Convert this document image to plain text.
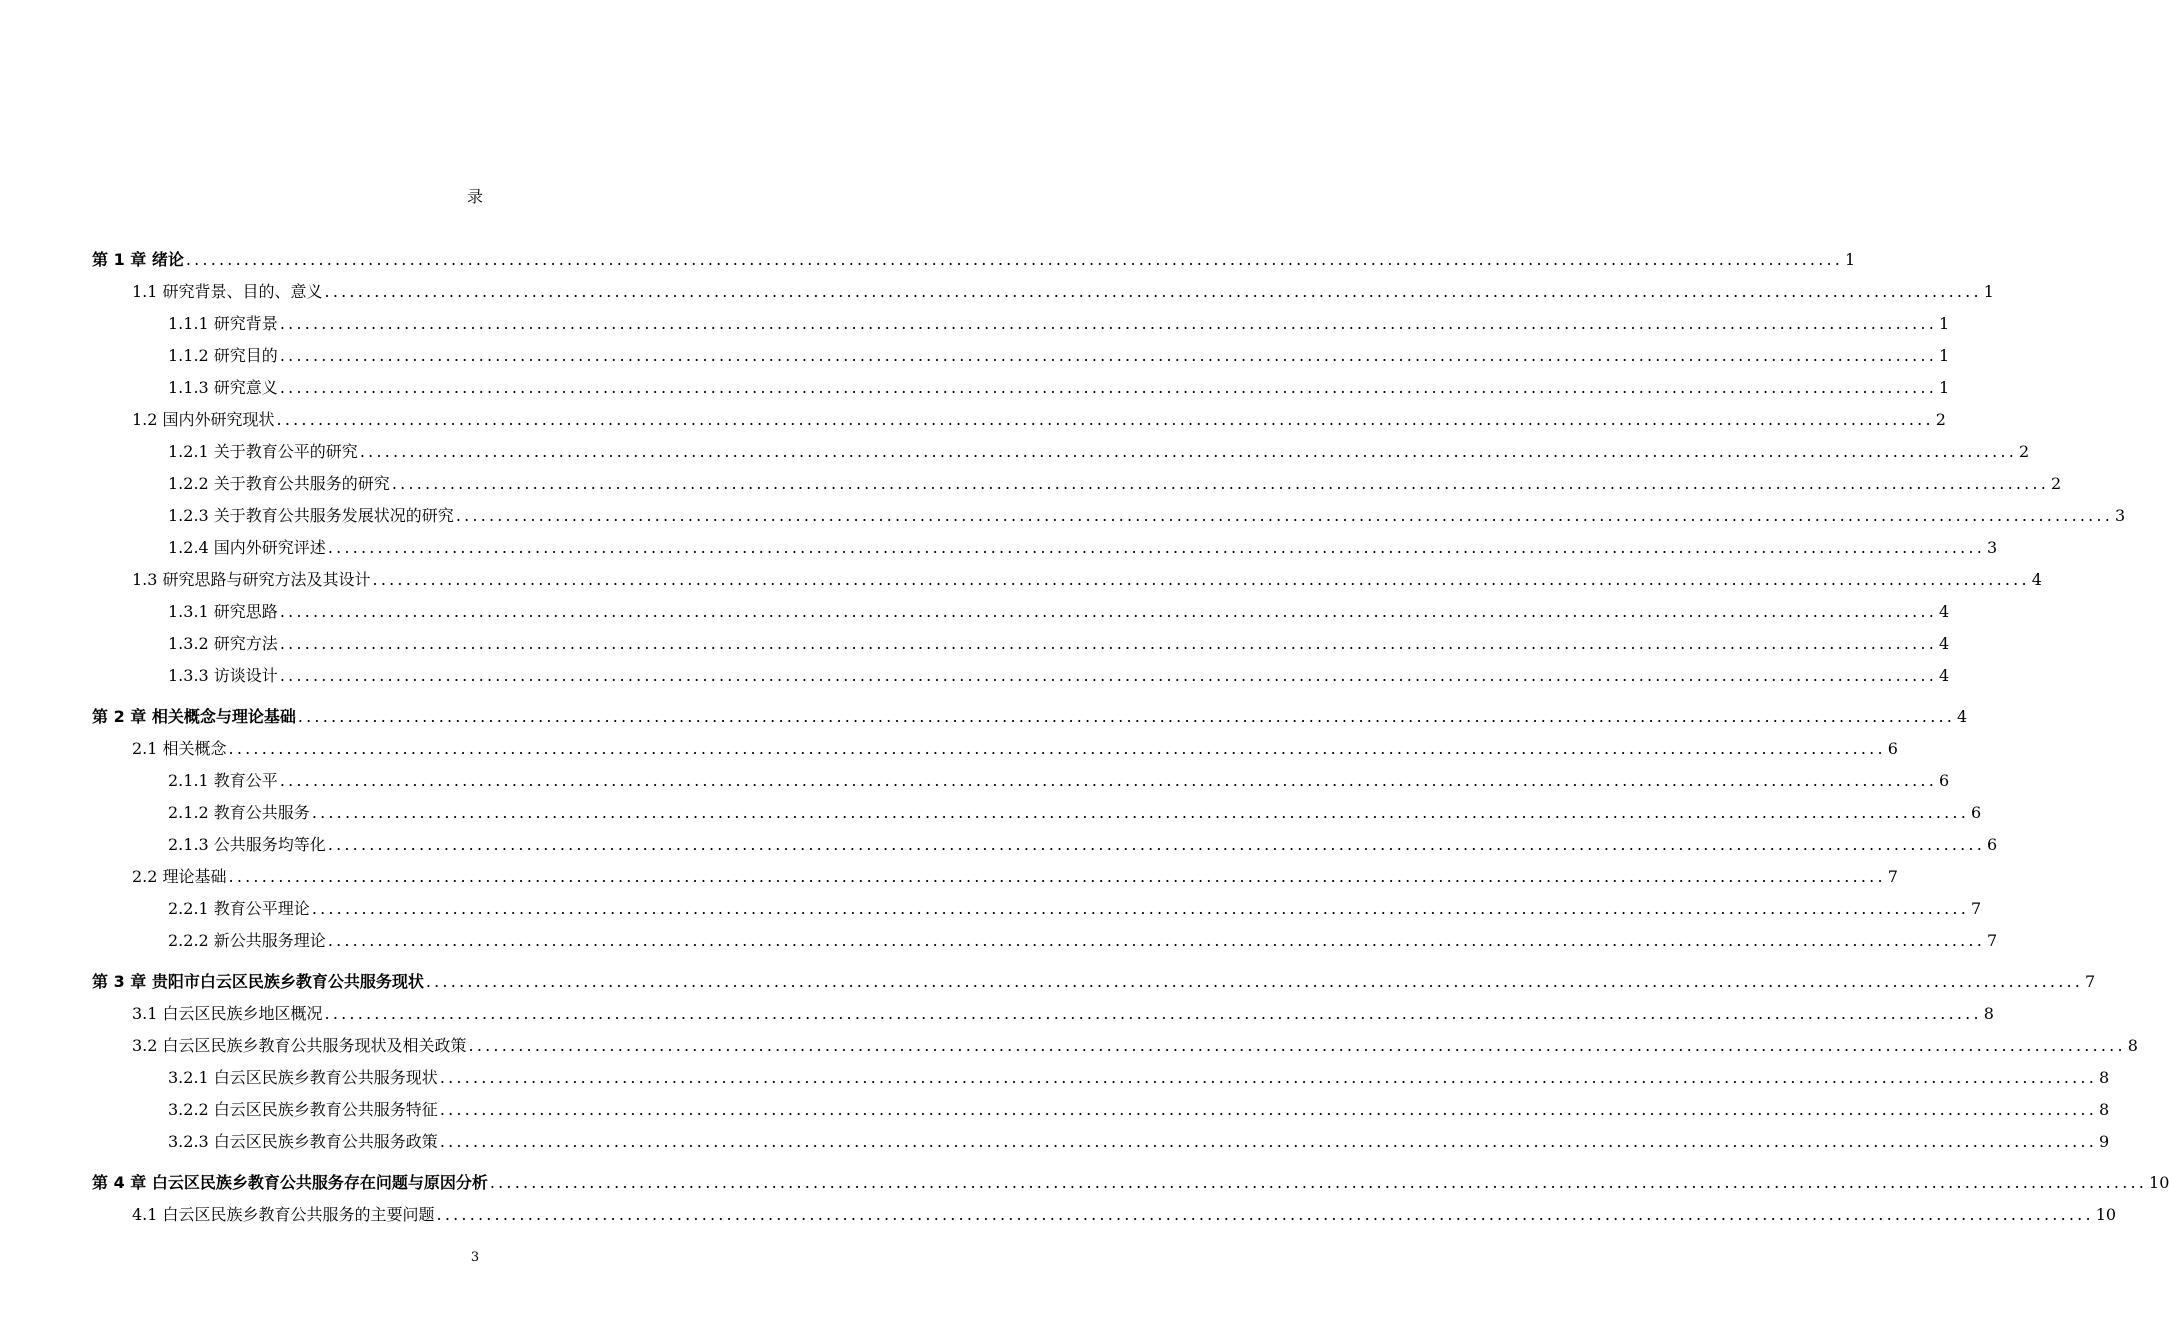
录
第 1 章 绪论 ........................................................................................................................................................................................................ 1
1.1 研究背景、目的、意义 ........................................................................................................................................................................................................ 1
1.1.1 研究背景 ........................................................................................................................................................................................................ 1
1.1.2 研究目的 ........................................................................................................................................................................................................ 1
1.1.3 研究意义 ........................................................................................................................................................................................................ 1
1.2 国内外研究现状 ........................................................................................................................................................................................................ 2
1.2.1 关于教育公平的研究 ........................................................................................................................................................................................................ 2
1.2.2 关于教育公共服务的研究 ........................................................................................................................................................................................................ 2
1.2.3 关于教育公共服务发展状况的研究 ........................................................................................................................................................................................................ 3
1.2.4 国内外研究评述 ........................................................................................................................................................................................................ 3
1.3 研究思路与研究方法及其设计 ........................................................................................................................................................................................................ 4
1.3.1 研究思路 ........................................................................................................................................................................................................ 4
1.3.2 研究方法 ........................................................................................................................................................................................................ 4
1.3.3 访谈设计 ........................................................................................................................................................................................................ 4
第 2 章 相关概念与理论基础 ........................................................................................................................................................................................................ 4
2.1 相关概念 ........................................................................................................................................................................................................ 6
2.1.1 教育公平 ........................................................................................................................................................................................................ 6
2.1.2 教育公共服务 ........................................................................................................................................................................................................ 6
2.1.3 公共服务均等化 ........................................................................................................................................................................................................ 6
2.2 理论基础 ........................................................................................................................................................................................................ 7
2.2.1 教育公平理论 ........................................................................................................................................................................................................ 7
2.2.2 新公共服务理论 ........................................................................................................................................................................................................ 7
第 3 章 贵阳市白云区民族乡教育公共服务现状 ........................................................................................................................................................................................................ 7
3.1 白云区民族乡地区概况 ........................................................................................................................................................................................................ 8
3.2 白云区民族乡教育公共服务现状及相关政策 ........................................................................................................................................................................................................ 8
3.2.1 白云区民族乡教育公共服务现状 ........................................................................................................................................................................................................ 8
3.2.2 白云区民族乡教育公共服务特征 ........................................................................................................................................................................................................ 8
3.2.3 白云区民族乡教育公共服务政策 ........................................................................................................................................................................................................ 9
第 4 章 白云区民族乡教育公共服务存在问题与原因分析 ........................................................................................................................................................................................................ 10
4.1 白云区民族乡教育公共服务的主要问题 ........................................................................................................................................................................................................ 10
3
